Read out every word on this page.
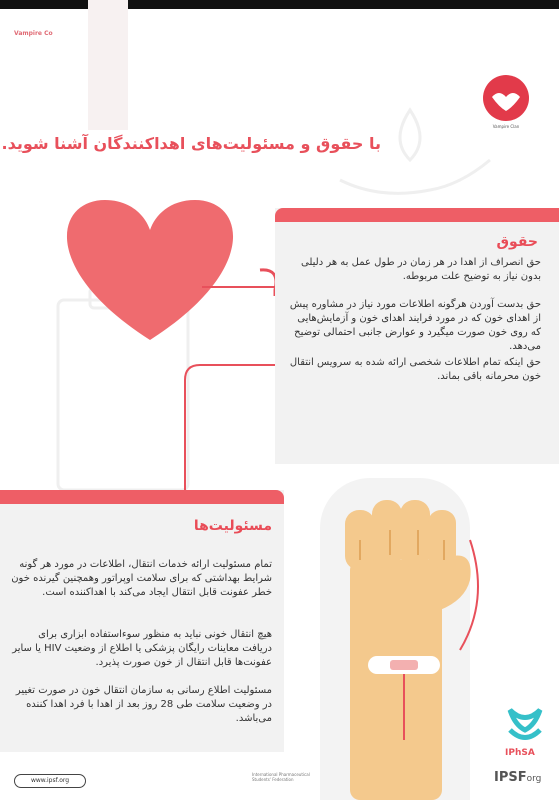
Vampire Co
Vampire Clan
با حقوق و مسئولیت‌های اهداکنندگان آشنا شوید.
حقوق
حق انصراف از اهدا در هر زمان در طول عمل به هر دلیلی بدون نیاز به توضیح علت مربوطه.
حق بدست آوردن هرگونه اطلاعات مورد نیاز در مشاوره پیش از اهدای خون که در مورد فرایند اهدای خون و آزمایش‌هایی که روی خون صورت میگیرد و عوارض جانبی احتمالی توضیح می‌دهد.
حق اینکه تمام اطلاعات شخصی ارائه شده به سرویس انتقال خون محرمانه باقی بماند.
مسئولیت‌ها
تمام مسئولیت ارائه خدمات انتقال، اطلاعات در مورد هر گونه شرایط بهداشتی که برای سلامت اوپراتور وهمچنین گیرنده خون خطر عفونت قابل انتقال ایجاد می‌کند با اهداکننده است.
هیچ انتقال خونی نباید به منظور سوءاستفاده ابزاری برای دریافت معاینات رایگان پزشکی یا اطلاع از وضعیت HIV یا سایر عفونت‌ها قابل انتقال از خون صورت پذیرد.
مسئولیت اطلاع رسانی به سازمان انتقال خون در صورت تغییر در وضعیت سلامت طی 28 روز بعد از اهدا با فرد اهدا کننده می‌باشد.
www.ipsf.org
International Pharmaceutical Students' Federation
IPhSA
IPSForg
